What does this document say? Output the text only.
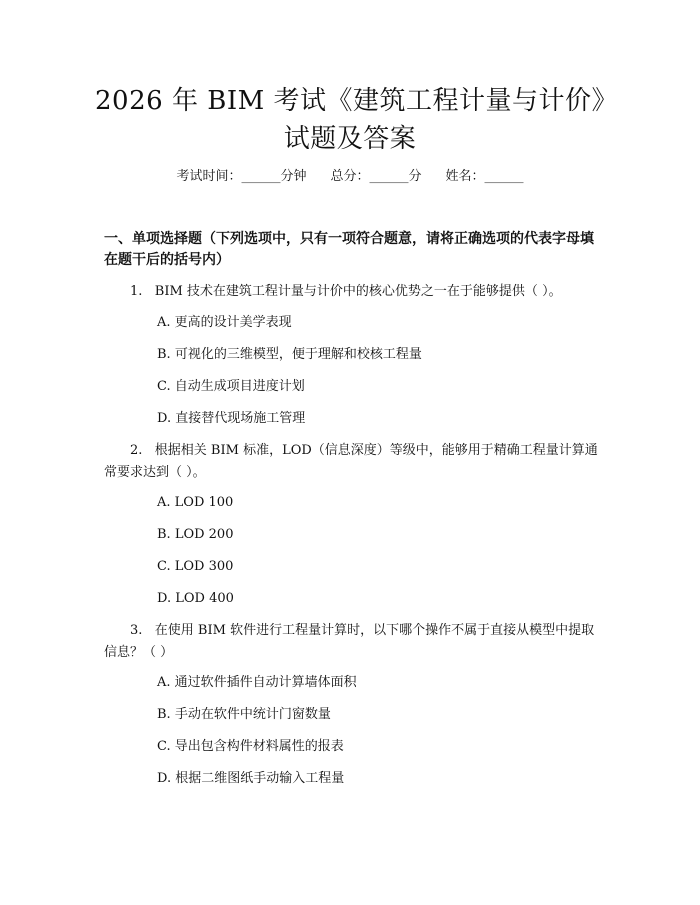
2026 年 BIM 考试《建筑工程计量与计价》试题及答案
考试时间：______分钟 总分：______分 姓名：______
一、单项选择题（下列选项中，只有一项符合题意，请将正确选项的代表字母填在题干后的括号内）
1.   BIM 技术在建筑工程计量与计价中的核心优势之一在于能够提供（ ）。
A. 更高的设计美学表现
B. 可视化的三维模型，便于理解和校核工程量
C. 自动生成项目进度计划
D. 直接替代现场施工管理
2.   根据相关 BIM 标准，LOD（信息深度）等级中，能够用于精确工程量计算通常要求达到（ ）。
A. LOD 100
B. LOD 200
C. LOD 300
D. LOD 400
3.   在使用 BIM 软件进行工程量计算时，以下哪个操作不属于直接从模型中提取信息？（ ）
A. 通过软件插件自动计算墙体面积
B. 手动在软件中统计门窗数量
C. 导出包含构件材料属性的报表
D. 根据二维图纸手动输入工程量
